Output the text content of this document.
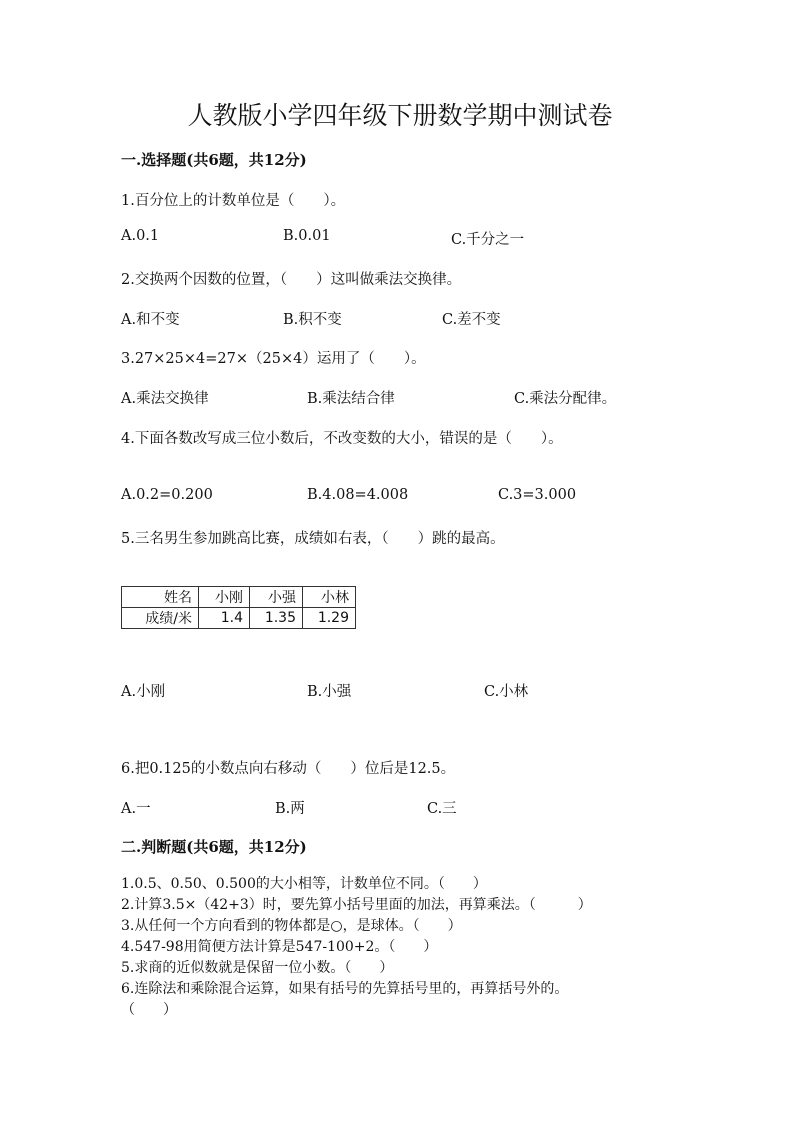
人教版小学四年级下册数学期中测试卷
一.选择题(共6题，共12分)
1.百分位上的计数单位是（　　）。
A.0.1	B.0.01	C.千分之一
2.交换两个因数的位置，（　　）这叫做乘法交换律。
A.和不变	B.积不变	C.差不变
3.27×25×4=27×（25×4）运用了（　　）。
A.乘法交换律	B.乘法结合律	C.乘法分配律。
4.下面各数改写成三位小数后，不改变数的大小，错误的是（　　）。
A.0.2=0.200	B.4.08=4.008	C.3=3.000
5.三名男生参加跳高比赛，成绩如右表，（　　）跳的最高。
姓名	小刚	小强	小林
成绩/米	1.4	1.35	1.29
A.小刚	B.小强	C.小林
6.把0.125的小数点向右移动（　　）位后是12.5。
A.一	B.两	C.三
二.判断题(共6题，共12分)
1.0.5、0.50、0.500的大小相等，计数单位不同。（　　）
2.计算3.5×（42+3）时，要先算小括号里面的加法，再算乘法。（　　　）
3.从任何一个方向看到的物体都是○，是球体。（　　）
4.547-98用简便方法计算是547-100+2。（　　）
5.求商的近似数就是保留一位小数。（　　）
6.连除法和乘除混合运算，如果有括号的先算括号里的，再算括号外的。
（　　）
